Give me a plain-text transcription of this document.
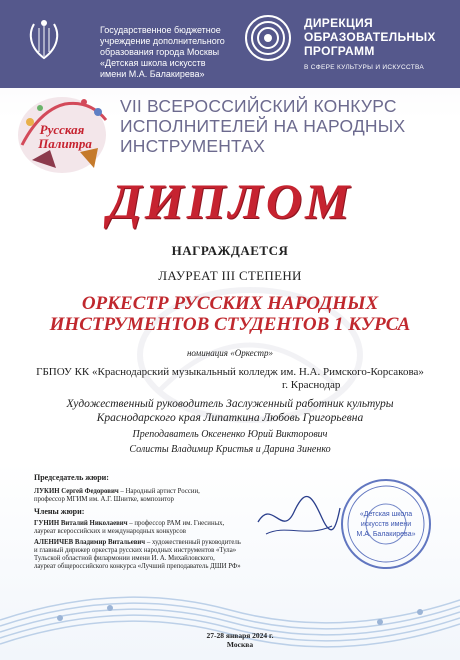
Государственное бюджетное
учреждение дополнительного
образования города Москвы
«Детская школа искусств
имени М.А. Балакирева»
ДИРЕКЦИЯ
ОБРАЗОВАТЕЛЬНЫХ
ПРОГРАММ
В СФЕРЕ КУЛЬТУРЫ И ИСКУССТВА
Русская
Палитра
VII ВСЕРОССИЙСКИЙ КОНКУРС
ИСПОЛНИТЕЛЕЙ НА НАРОДНЫХ
ИНСТРУМЕНТАХ
ДИПЛОМ
НАГРАЖДАЕТСЯ
ЛАУРЕАТ III СТЕПЕНИ
ОРКЕСТР РУССКИХ НАРОДНЫХ
ИНСТРУМЕНТОВ СТУДЕНТОВ 1 КУРСА
номинация «Оркестр»
ГБПОУ КК «Краснодарский музыкальный колледж им. Н.А. Римского-Корсакова»
г. Краснодар
Художественный руководитель Заслуженный работник культуры
Краснодарского края Липаткина Любовь Григорьевна
Преподаватель Оксененко Юрий Викторович
Солисты Владимир Кристья и Дарина Зиненко
Председатель жюри:
ЛУКИН Сергей Федорович – Народный артист России,
профессор МГИМ им. А.Г. Шнитке, композитор
Члены жюри:
ГУНИН Виталий Николаевич – профессор РАМ им. Гнесиных,
лауреат всероссийских и международных конкурсов
АЛЕНИЧЕВ Владимир Витальевич – художественный руководитель
и главный дирижер оркестра русских народных инструментов «Тула»
Тульской областной филармонии имени И. А. Михайловского,
лауреат общероссийского конкурса «Лучший преподаватель ДШИ РФ»
«Детская школа
искусств имени
М.А. Балакирева»
27-28 января 2024 г.
Москва
